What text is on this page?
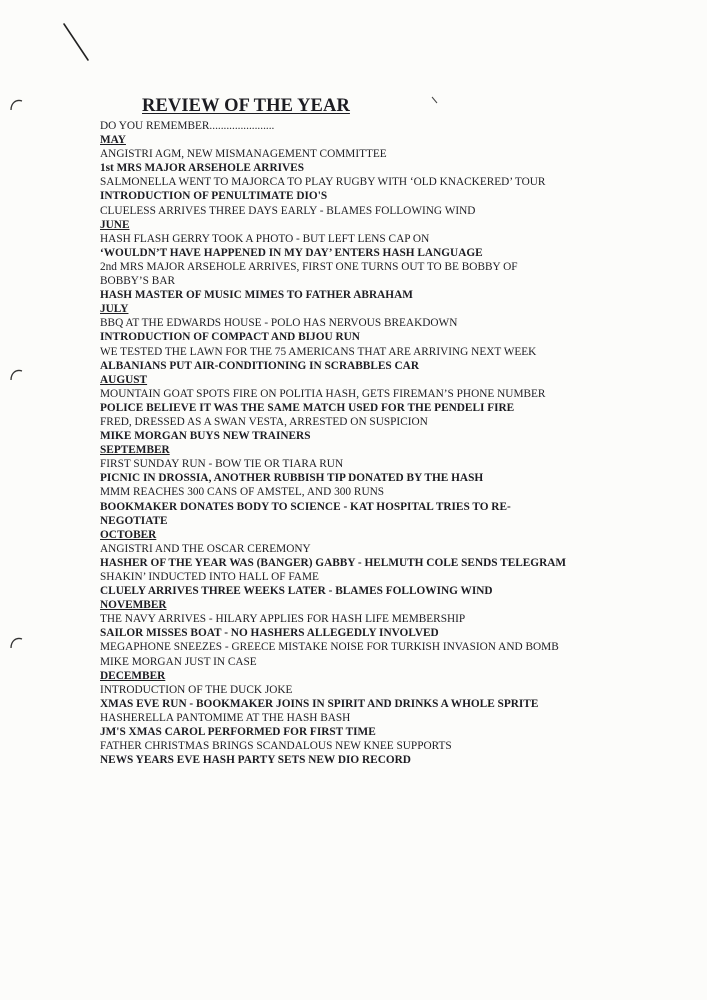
REVIEW OF THE YEAR
DO YOU REMEMBER.......................
MAY
ANGISTRI AGM, NEW MISMANAGEMENT COMMITTEE
1st MRS MAJOR ARSEHOLE ARRIVES
SALMONELLA WENT TO MAJORCA TO PLAY RUGBY WITH ‘OLD KNACKERED’ TOUR
INTRODUCTION OF PENULTIMATE DIO'S
CLUELESS ARRIVES THREE DAYS EARLY - BLAMES FOLLOWING WIND
JUNE
HASH FLASH GERRY TOOK A PHOTO - BUT LEFT LENS CAP ON
‘WOULDN’T HAVE HAPPENED IN MY DAY’ ENTERS HASH LANGUAGE
2nd MRS MAJOR ARSEHOLE ARRIVES, FIRST ONE TURNS OUT TO BE BOBBY OF
BOBBY’S BAR
HASH MASTER OF MUSIC MIMES TO FATHER ABRAHAM
JULY
BBQ AT THE EDWARDS HOUSE - POLO HAS NERVOUS BREAKDOWN
INTRODUCTION OF COMPACT AND BIJOU RUN
WE TESTED THE LAWN FOR THE 75 AMERICANS THAT ARE ARRIVING NEXT WEEK
ALBANIANS PUT AIR-CONDITIONING IN SCRABBLES CAR
AUGUST
MOUNTAIN GOAT SPOTS FIRE ON POLITIA HASH, GETS FIREMAN’S PHONE NUMBER
POLICE BELIEVE IT WAS THE SAME MATCH USED FOR THE PENDELI FIRE
FRED, DRESSED AS A SWAN VESTA, ARRESTED ON SUSPICION
MIKE MORGAN BUYS NEW TRAINERS
SEPTEMBER
FIRST SUNDAY RUN - BOW TIE OR TIARA RUN
PICNIC IN DROSSIA, ANOTHER RUBBISH TIP DONATED BY THE HASH
MMM REACHES 300 CANS OF AMSTEL, AND 300 RUNS
BOOKMAKER DONATES BODY TO SCIENCE - KAT HOSPITAL TRIES TO RE-
NEGOTIATE
OCTOBER
ANGISTRI AND THE OSCAR CEREMONY
HASHER OF THE YEAR WAS (BANGER) GABBY - HELMUTH COLE SENDS TELEGRAM
SHAKIN’ INDUCTED INTO HALL OF FAME
CLUELY ARRIVES THREE WEEKS LATER - BLAMES FOLLOWING WIND
NOVEMBER
THE NAVY ARRIVES - HILARY APPLIES FOR HASH LIFE MEMBERSHIP
SAILOR MISSES BOAT - NO HASHERS ALLEGEDLY INVOLVED
MEGAPHONE SNEEZES - GREECE MISTAKE NOISE FOR TURKISH INVASION AND BOMB
MIKE MORGAN JUST IN CASE
DECEMBER
INTRODUCTION OF THE DUCK JOKE
XMAS EVE RUN - BOOKMAKER JOINS IN SPIRIT AND DRINKS A WHOLE SPRITE
HASHERELLA PANTOMIME AT THE HASH BASH
JM'S XMAS CAROL PERFORMED FOR FIRST TIME
FATHER CHRISTMAS BRINGS SCANDALOUS NEW KNEE SUPPORTS
NEWS YEARS EVE HASH PARTY SETS NEW DIO RECORD
